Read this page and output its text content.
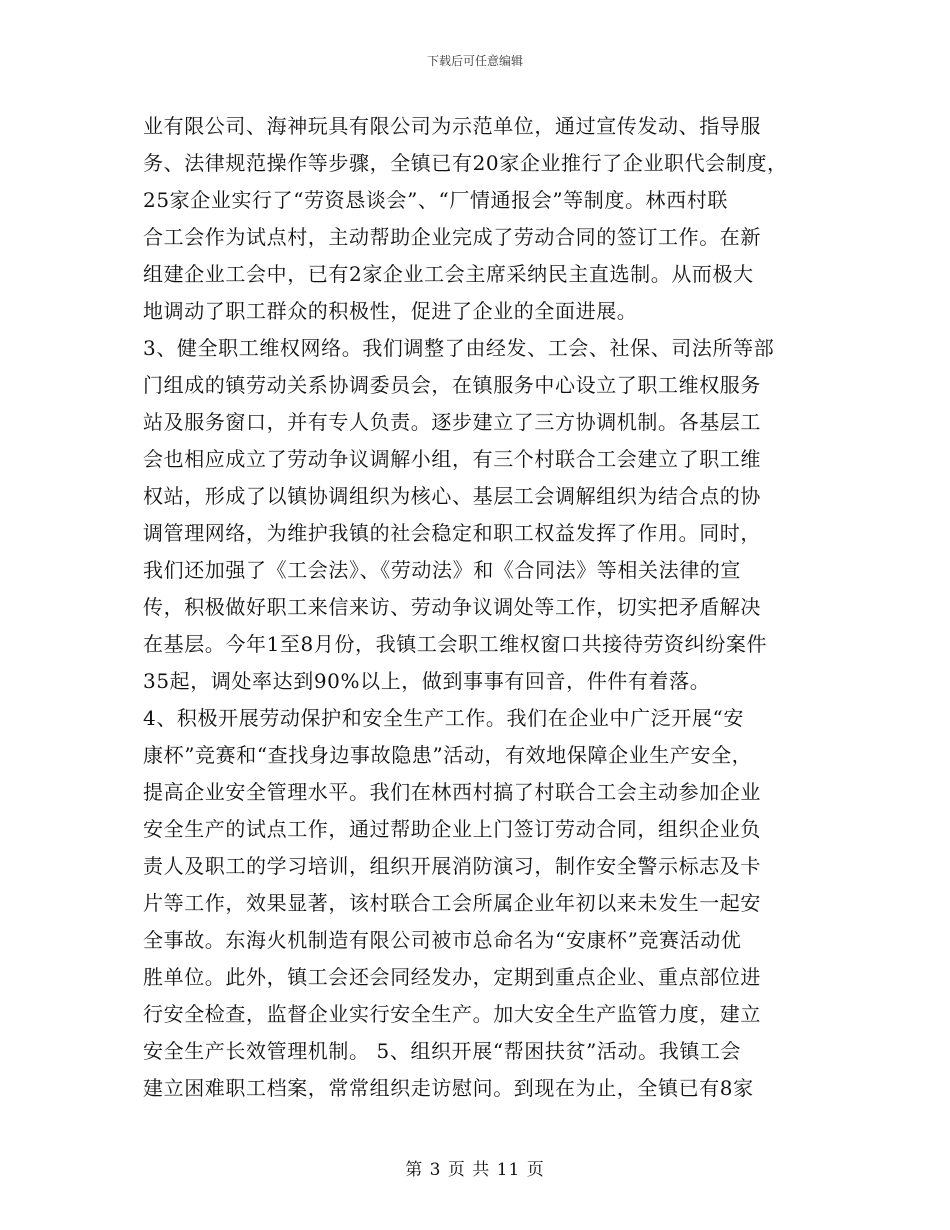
下载后可任意编辑
业有限公司、海神玩具有限公司为示范单位，通过宣传发动、指导服
务、法律规范操作等步骤，全镇已有20家企业推行了企业职代会制度，
25家企业实行了“劳资恳谈会”、“厂情通报会”等制度。林西村联
合工会作为试点村，主动帮助企业完成了劳动合同的签订工作。在新
组建企业工会中，已有2家企业工会主席采纳民主直选制。从而极大
地调动了职工群众的积极性，促进了企业的全面进展。
3、健全职工维权网络。我们调整了由经发、工会、社保、司法所等部
门组成的镇劳动关系协调委员会，在镇服务中心设立了职工维权服务
站及服务窗口，并有专人负责。逐步建立了三方协调机制。各基层工
会也相应成立了劳动争议调解小组，有三个村联合工会建立了职工维
权站，形成了以镇协调组织为核心、基层工会调解组织为结合点的协
调管理网络，为维护我镇的社会稳定和职工权益发挥了作用。同时，
我们还加强了《工会法》、《劳动法》和《合同法》等相关法律的宣
传，积极做好职工来信来访、劳动争议调处等工作，切实把矛盾解决
在基层。今年1至8月份，我镇工会职工维权窗口共接待劳资纠纷案件
35起，调处率达到90%以上，做到事事有回音，件件有着落。
4、积极开展劳动保护和安全生产工作。我们在企业中广泛开展“安
康杯”竞赛和“查找身边事故隐患”活动，有效地保障企业生产安全，
提高企业安全管理水平。我们在林西村搞了村联合工会主动参加企业
安全生产的试点工作，通过帮助企业上门签订劳动合同，组织企业负
责人及职工的学习培训，组织开展消防演习，制作安全警示标志及卡
片等工作，效果显著，该村联合工会所属企业年初以来未发生一起安
全事故。东海火机制造有限公司被市总命名为“安康杯”竞赛活动优
胜单位。此外，镇工会还会同经发办，定期到重点企业、重点部位进
行安全检查，监督企业实行安全生产。加大安全生产监管力度，建立
安全生产长效管理机制。 5、组织开展“帮困扶贫”活动。我镇工会
建立困难职工档案，常常组织走访慰问。到现在为止，全镇已有8家
第 3 页 共 11 页
